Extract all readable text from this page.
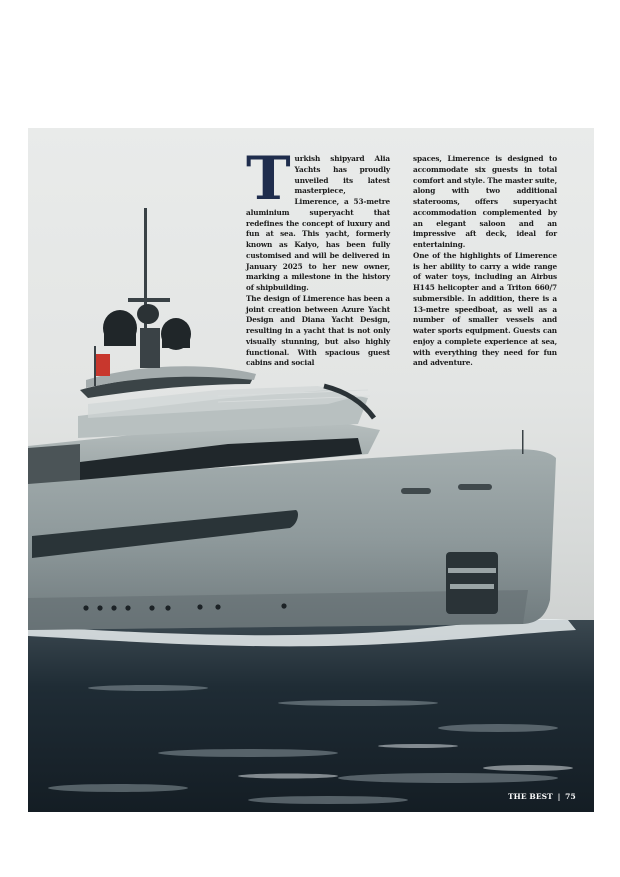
T urkish shipyard Alia Yachts has proudly unveiled its latest masterpiece, Limerence, a 53-metre aluminium superyacht that redefines the concept of luxury and fun at sea. This yacht, formerly known as Kaiyo, has been fully customised and will be delivered in January 2025 to her new owner, marking a milestone in the history of shipbuilding.

The design of Limerence has been a joint creation between Azure Yacht Design and Diana Yacht Design, resulting in a yacht that is not only visually stunning, but also highly functional. With spacious guest cabins and social

spaces, Limerence is designed to accommodate six guests in total comfort and style. The master suite, along with two additional staterooms, offers superyacht accommodation complemented by an elegant saloon and an impressive aft deck, ideal for entertaining.

One of the highlights of Limerence is her ability to carry a wide range of water toys, including an Airbus H145 helicopter and a Triton 660/7 submersible. In addition, there is a 13-metre speedboat, as well as a number of smaller vessels and water sports equipment. Guests can enjoy a complete experience at sea, with everything they need for fun and adventure.

THE BEST | 75
